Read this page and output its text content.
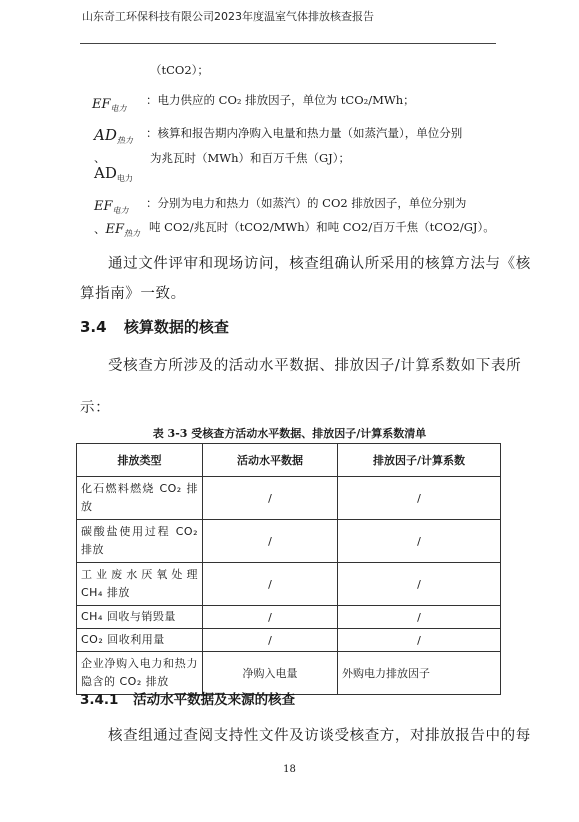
山东奇工环保科技有限公司2023年度温室气体排放核查报告
（tCO2）；
$EF_{电力}$
：电力供应的 CO₂ 排放因子，单位为 tCO₂/MWh；
$AD_{热力}$
：核算和报告期内净购入电量和热力量（如蒸汽量），单位分别
、	为兆瓦时（MWh）和百万千焦（GJ）；
$AD_{电力}$
$EF_{电力}$
：分别为电力和热力（如蒸汽）的 CO2 排放因子，单位分别为
、$EF_{热力}$ 吨 CO2/兆瓦时（tCO2/MWh）和吨 CO2/百万千焦（tCO2/GJ）。
通过文件评审和现场访问，核查组确认所采用的核算方法与《核
算指南》一致。
3.4 核算数据的核查
受核查方所涉及的活动水平数据、排放因子/计算系数如下表所
示：
表 3-3 受核查方活动水平数据、排放因子/计算系数清单
排放类型	活动水平数据	排放因子/计算系数
化石燃料燃烧 CO₂ 排放	/	/
碳酸盐使用过程 CO₂ 排放	/	/
工业废水厌氧处理 CH₄ 排放	/	/
CH₄ 回收与销毁量	/	/
CO₂ 回收利用量	/	/
企业净购入电力和热力隐含的 CO₂ 排放	净购入电量	外购电力排放因子
3.4.1 活动水平数据及来源的核查
核查组通过查阅支持性文件及访谈受核查方，对排放报告中的每
18
